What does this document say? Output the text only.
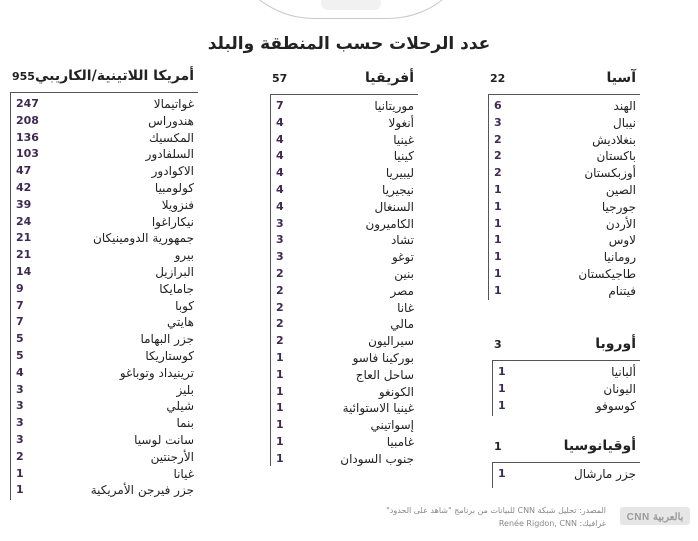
عدد الرحلات حسب المنطقة والبلد
أمريكا اللاتينية/الكاريبي
955
غواتيمالا
247
هندوراس
208
المكسيك
136
السلفادور
103
الاكوادور
47
كولومبيا
42
فنزويلا
39
نيكاراغوا
24
جمهورية الدومينيكان
21
بيرو
21
البرازيل
14
جامايكا
9
كوبا
7
هايتي
7
جزر البهاما
5
كوستاريكا
5
ترينيداد وتوباغو
4
بليز
3
شيلي
3
بنما
3
سانت لوسيا
3
الأرجنتين
2
غيانا
1
جزر فيرجن الأمريكية
1
أفريقيا
57
موريتانيا
7
أنغولا
4
غينيا
4
كينيا
4
ليبيريا
4
نيجيريا
4
السنغال
4
الكاميرون
3
تشاد
3
توغو
3
بنين
2
مصر
2
غانا
2
مالي
2
سيراليون
2
بوركينا فاسو
1
ساحل العاج
1
الكونغو
1
غينيا الاستوائية
1
إسواتيني
1
غامبيا
1
جنوب السودان
1
آسيا
22
الهند
6
نيبال
3
بنغلاديش
2
باكستان
2
أوزبكستان
2
الصين
1
جورجيا
1
الأردن
1
لاوس
1
رومانيا
1
طاجيكستان
1
فيتنام
1
أوروبا
3
ألبانيا
1
اليونان
1
كوسوفو
1
أوقيانوسيا
1
جزر مارشال
1
CNN بالعربية
المصدر: تحليل شبكة CNN للبيانات من برنامج "شاهد على الحدود"
غرافيك: Renée Rigdon, CNN
